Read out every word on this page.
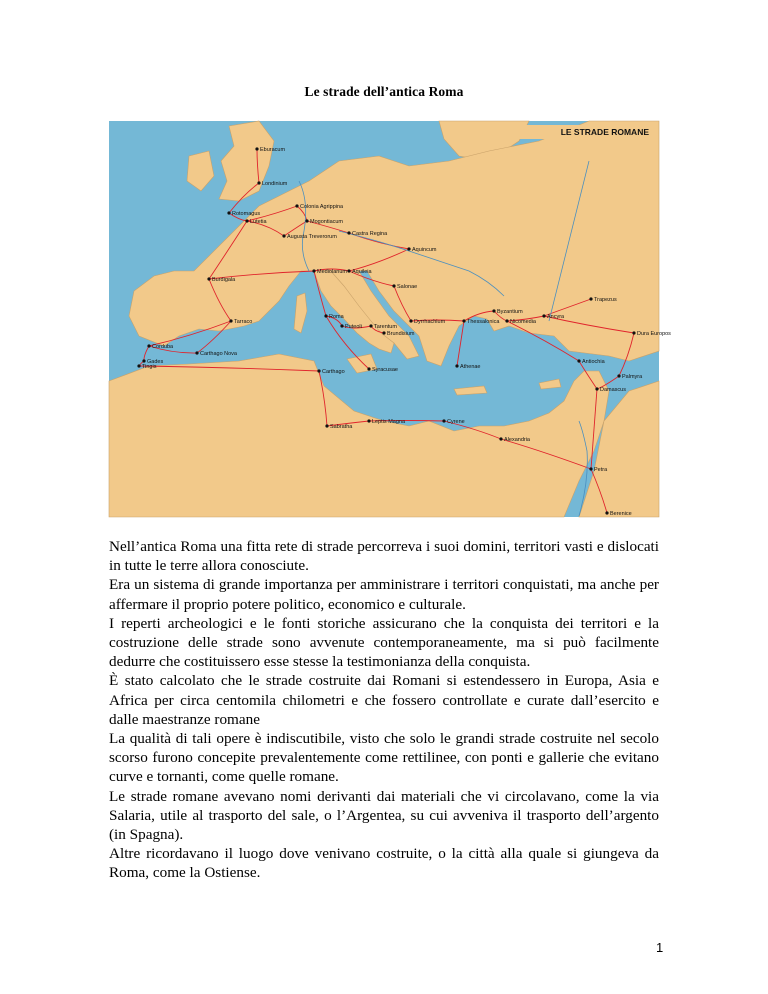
Le strade dell’antica Roma
Eburacum
Londinium
Rotomagus
Lutetia
Colonia Agrippina
Mogontiacum
Augusta Treverorum	Castra Regina
Aquincum
Burdigala
Mediolanum Aquileia
Salonae
Tarraco
Roma
Puteoli Tarentum
Brundisium
Dyrrhachium	Thessalonica
Byzantium
Nicomedia
Ancyra
Trapezus
Dura Europos
Corduba
Gades
Carthago Nova
Tingis
Carthago	Syracusae	Athenae
Antiochia
Palmyra
Damascus
Leptis Magna
Sabratha
Cyrene
Alexandria
Petra
Berenice
LE STRADE ROMANE

Nell’antica Roma una fitta rete di strade percorreva i suoi domini, territori vasti e dislocati in tutte le terre allora conosciute.

Era un sistema di grande importanza per amministrare i territori conquistati, ma anche per affermare il proprio potere politico, economico e culturale.

I reperti archeologici e le fonti storiche assicurano che la conquista dei territori e la costruzione delle strade sono avvenute contemporaneamente, ma si può facilmente dedurre che costituissero esse stesse la testimonianza della conquista.

È stato calcolato che le strade costruite dai Romani si estendessero in Europa, Asia e Africa per circa centomila chilometri e che fossero controllate e curate dall’esercito e dalle maestranze romane

La qualità di tali opere è indiscutibile, visto che solo le grandi strade costruite nel secolo scorso furono concepite prevalentemente come rettilinee, con ponti e gallerie che evitano curve e tornanti, come quelle romane.

Le strade romane avevano nomi derivanti dai materiali che vi circolavano, come la via Salaria, utile al trasporto del sale, o l’Argentea, su cui avveniva il trasporto dell’argento (in Spagna).

Altre ricordavano il luogo dove venivano costruite, o la città alla quale si giungeva da Roma, come la Ostiense.

1
